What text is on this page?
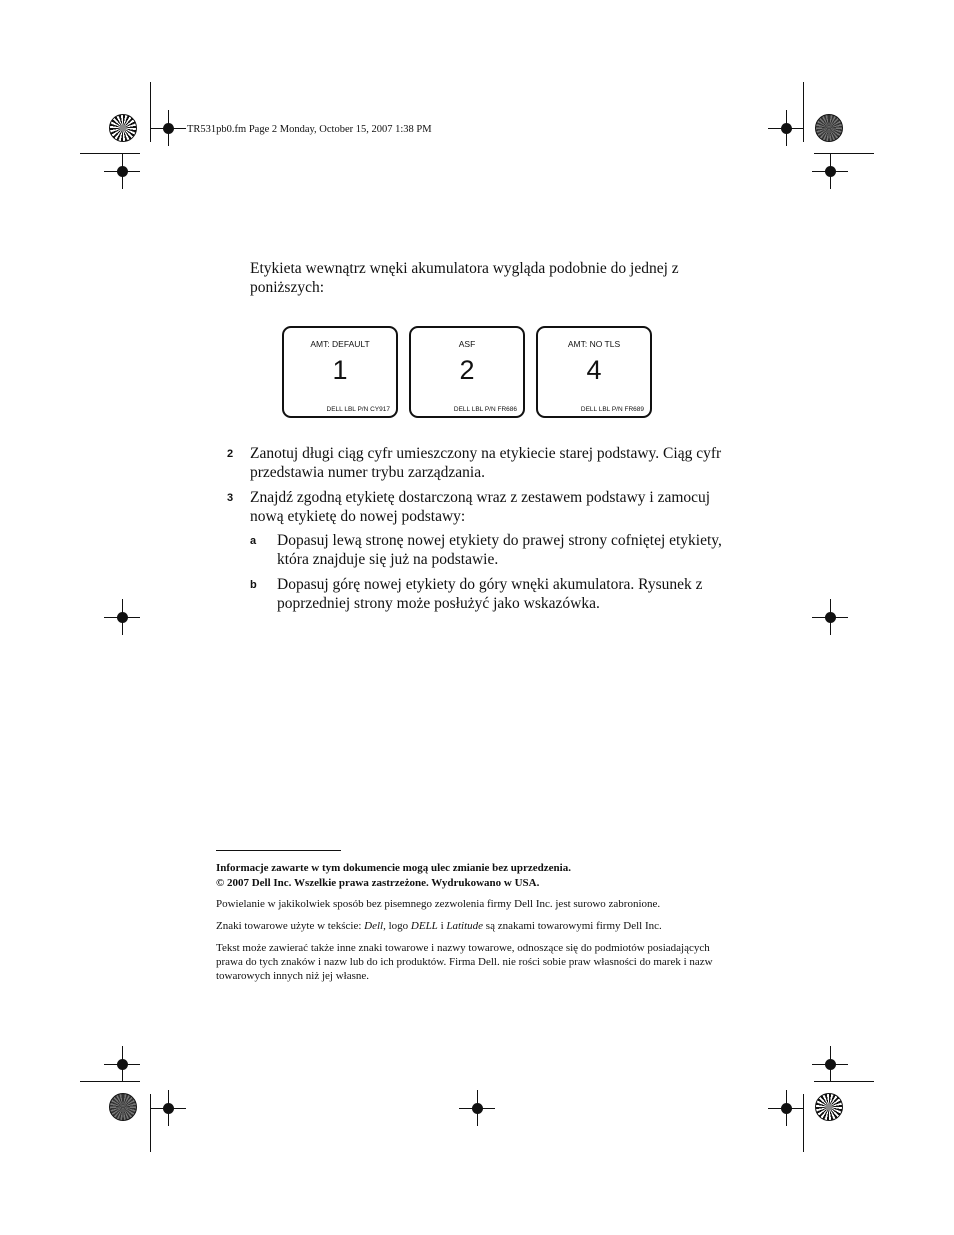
TR531pb0.fm Page 2 Monday, October 15, 2007 1:38 PM
Etykieta wewnątrz wnęki akumulatora wygląda podobnie do jednej z poniższych:
AMT: DEFAULT
1
DELL LBL P/N CY917
ASF
2
DELL LBL P/N FR686
AMT: NO TLS
4
DELL LBL P/N FR689
2 Zanotuj długi ciąg cyfr umieszczony na etykiecie starej podstawy. Ciąg cyfr przedstawia numer trybu zarządzania.
3 Znajdź zgodną etykietę dostarczoną wraz z zestawem podstawy i zamocuj nową etykietę do nowej podstawy:
a Dopasuj lewą stronę nowej etykiety do prawej strony cofniętej etykiety, która znajduje się już na podstawie.
b Dopasuj górę nowej etykiety do góry wnęki akumulatora. Rysunek z poprzedniej strony może posłużyć jako wskazówka.
Informacje zawarte w tym dokumencie mogą ulec zmianie bez uprzedzenia.
© 2007 Dell Inc. Wszelkie prawa zastrzeżone. Wydrukowano w USA.
Powielanie w jakikolwiek sposób bez pisemnego zezwolenia firmy Dell Inc. jest surowo zabronione.
Znaki towarowe użyte w tekście: Dell, logo DELL i Latitude są znakami towarowymi firmy Dell Inc.
Tekst może zawierać także inne znaki towarowe i nazwy towarowe, odnoszące się do podmiotów posiadających prawa do tych znaków i nazw lub do ich produktów. Firma Dell. nie rości sobie praw własności do marek i nazw towarowych innych niż jej własne.
